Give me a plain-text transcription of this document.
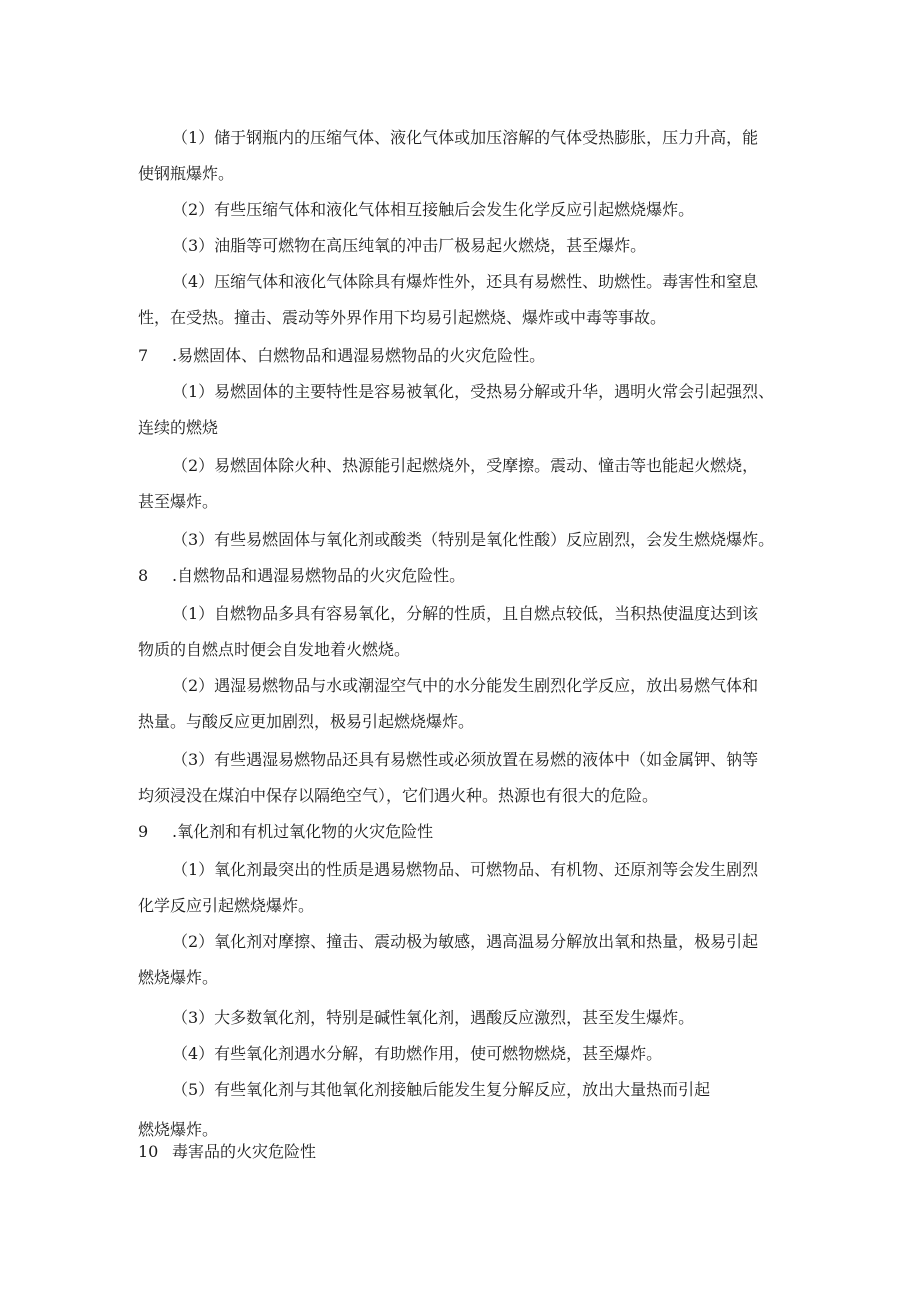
（1）储于钢瓶内的压缩气体、液化气体或加压溶解的气体受热膨胀，压力升高，能
使钢瓶爆炸。
（2）有些压缩气体和液化气体相互接触后会发生化学反应引起燃烧爆炸。
（3）油脂等可燃物在高压纯氧的冲击厂极易起火燃烧，甚至爆炸。
（4）压缩气体和液化气体除具有爆炸性外，还具有易燃性、助燃性。毒害性和窒息
性，在受热。撞击、震动等外界作用下均易引起燃烧、爆炸或中毒等事故。
7 .易燃固体、白燃物品和遇湿易燃物品的火灾危险性。
（1）易燃固体的主要特性是容易被氧化，受热易分解或升华，遇明火常会引起强烈、
连续的燃烧
（2）易燃固体除火种、热源能引起燃烧外，受摩擦。震动、憧击等也能起火燃烧，
甚至爆炸。
（3）有些易燃固体与氧化剂或酸类（特别是氧化性酸）反应剧烈，会发生燃烧爆炸。
8 .自燃物品和遇湿易燃物品的火灾危险性。
（1）自燃物品多具有容易氧化，分解的性质，且自燃点较低，当积热使温度达到该
物质的自燃点时便会自发地着火燃烧。
（2）遇湿易燃物品与水或潮湿空气中的水分能发生剧烈化学反应，放出易燃气体和
热量。与酸反应更加剧烈，极易引起燃烧爆炸。
（3）有些遇湿易燃物品还具有易燃性或必须放置在易燃的液体中（如金属钾、钠等
均须浸没在煤泊中保存以隔绝空气），它们遇火种。热源也有很大的危险。
9 .氧化剂和有机过氧化物的火灾危险性
（1）氧化剂最突出的性质是遇易燃物品、可燃物品、有机物、还原剂等会发生剧烈
化学反应引起燃烧爆炸。
（2）氧化剂对摩擦、撞击、震动极为敏感，遇高温易分解放出氧和热量，极易引起
燃烧爆炸。
（3）大多数氧化剂，特别是碱性氧化剂，遇酸反应激烈，甚至发生爆炸。
（4）有些氧化剂遇水分解，有助燃作用，使可燃物燃烧，甚至爆炸。
（5）有些氧化剂与其他氧化剂接触后能发生复分解反应，放出大量热而引起
燃烧爆炸。
10 毒害品的火灾危险性
